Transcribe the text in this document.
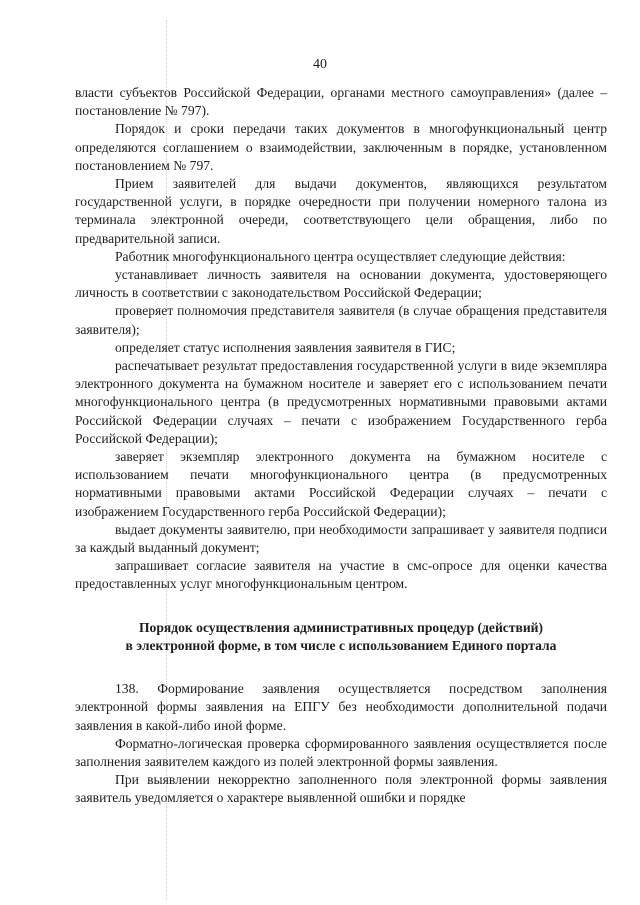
40

власти субъектов Российской Федерации, органами местного самоуправления» (далее – постановление № 797).

Порядок и сроки передачи таких документов в многофункциональный центр определяются соглашением о взаимодействии, заключенным в порядке, установленном постановлением № 797.

Прием заявителей для выдачи документов, являющихся результатом государственной услуги, в порядке очередности при получении номерного талона из терминала электронной очереди, соответствующего цели обращения, либо по предварительной записи.

Работник многофункционального центра осуществляет следующие действия:

устанавливает личность заявителя на основании документа, удостоверяющего личность в соответствии с законодательством Российской Федерации;

проверяет полномочия представителя заявителя (в случае обращения представителя заявителя);

определяет статус исполнения заявления заявителя в ГИС;

распечатывает результат предоставления государственной услуги в виде экземпляра электронного документа на бумажном носителе и заверяет его с использованием печати многофункционального центра (в предусмотренных нормативными правовыми актами Российской Федерации случаях – печати с изображением Государственного герба Российской Федерации);

заверяет экземпляр электронного документа на бумажном носителе с использованием печати многофункционального центра (в предусмотренных нормативными правовыми актами Российской Федерации случаях – печати с изображением Государственного герба Российской Федерации);

выдает документы заявителю, при необходимости запрашивает у заявителя подписи за каждый выданный документ;

запрашивает согласие заявителя на участие в смс-опросе для оценки качества предоставленных услуг многофункциональным центром.

Порядок осуществления административных процедур (действий)
в электронной форме, в том числе с использованием Единого портала

138. Формирование заявления осуществляется посредством заполнения электронной формы заявления на ЕПГУ без необходимости дополнительной подачи заявления в какой-либо иной форме.

Форматно-логическая проверка сформированного заявления осуществляется после заполнения заявителем каждого из полей электронной формы заявления.

При выявлении некорректно заполненного поля электронной формы заявления заявитель уведомляется о характере выявленной ошибки и порядке
